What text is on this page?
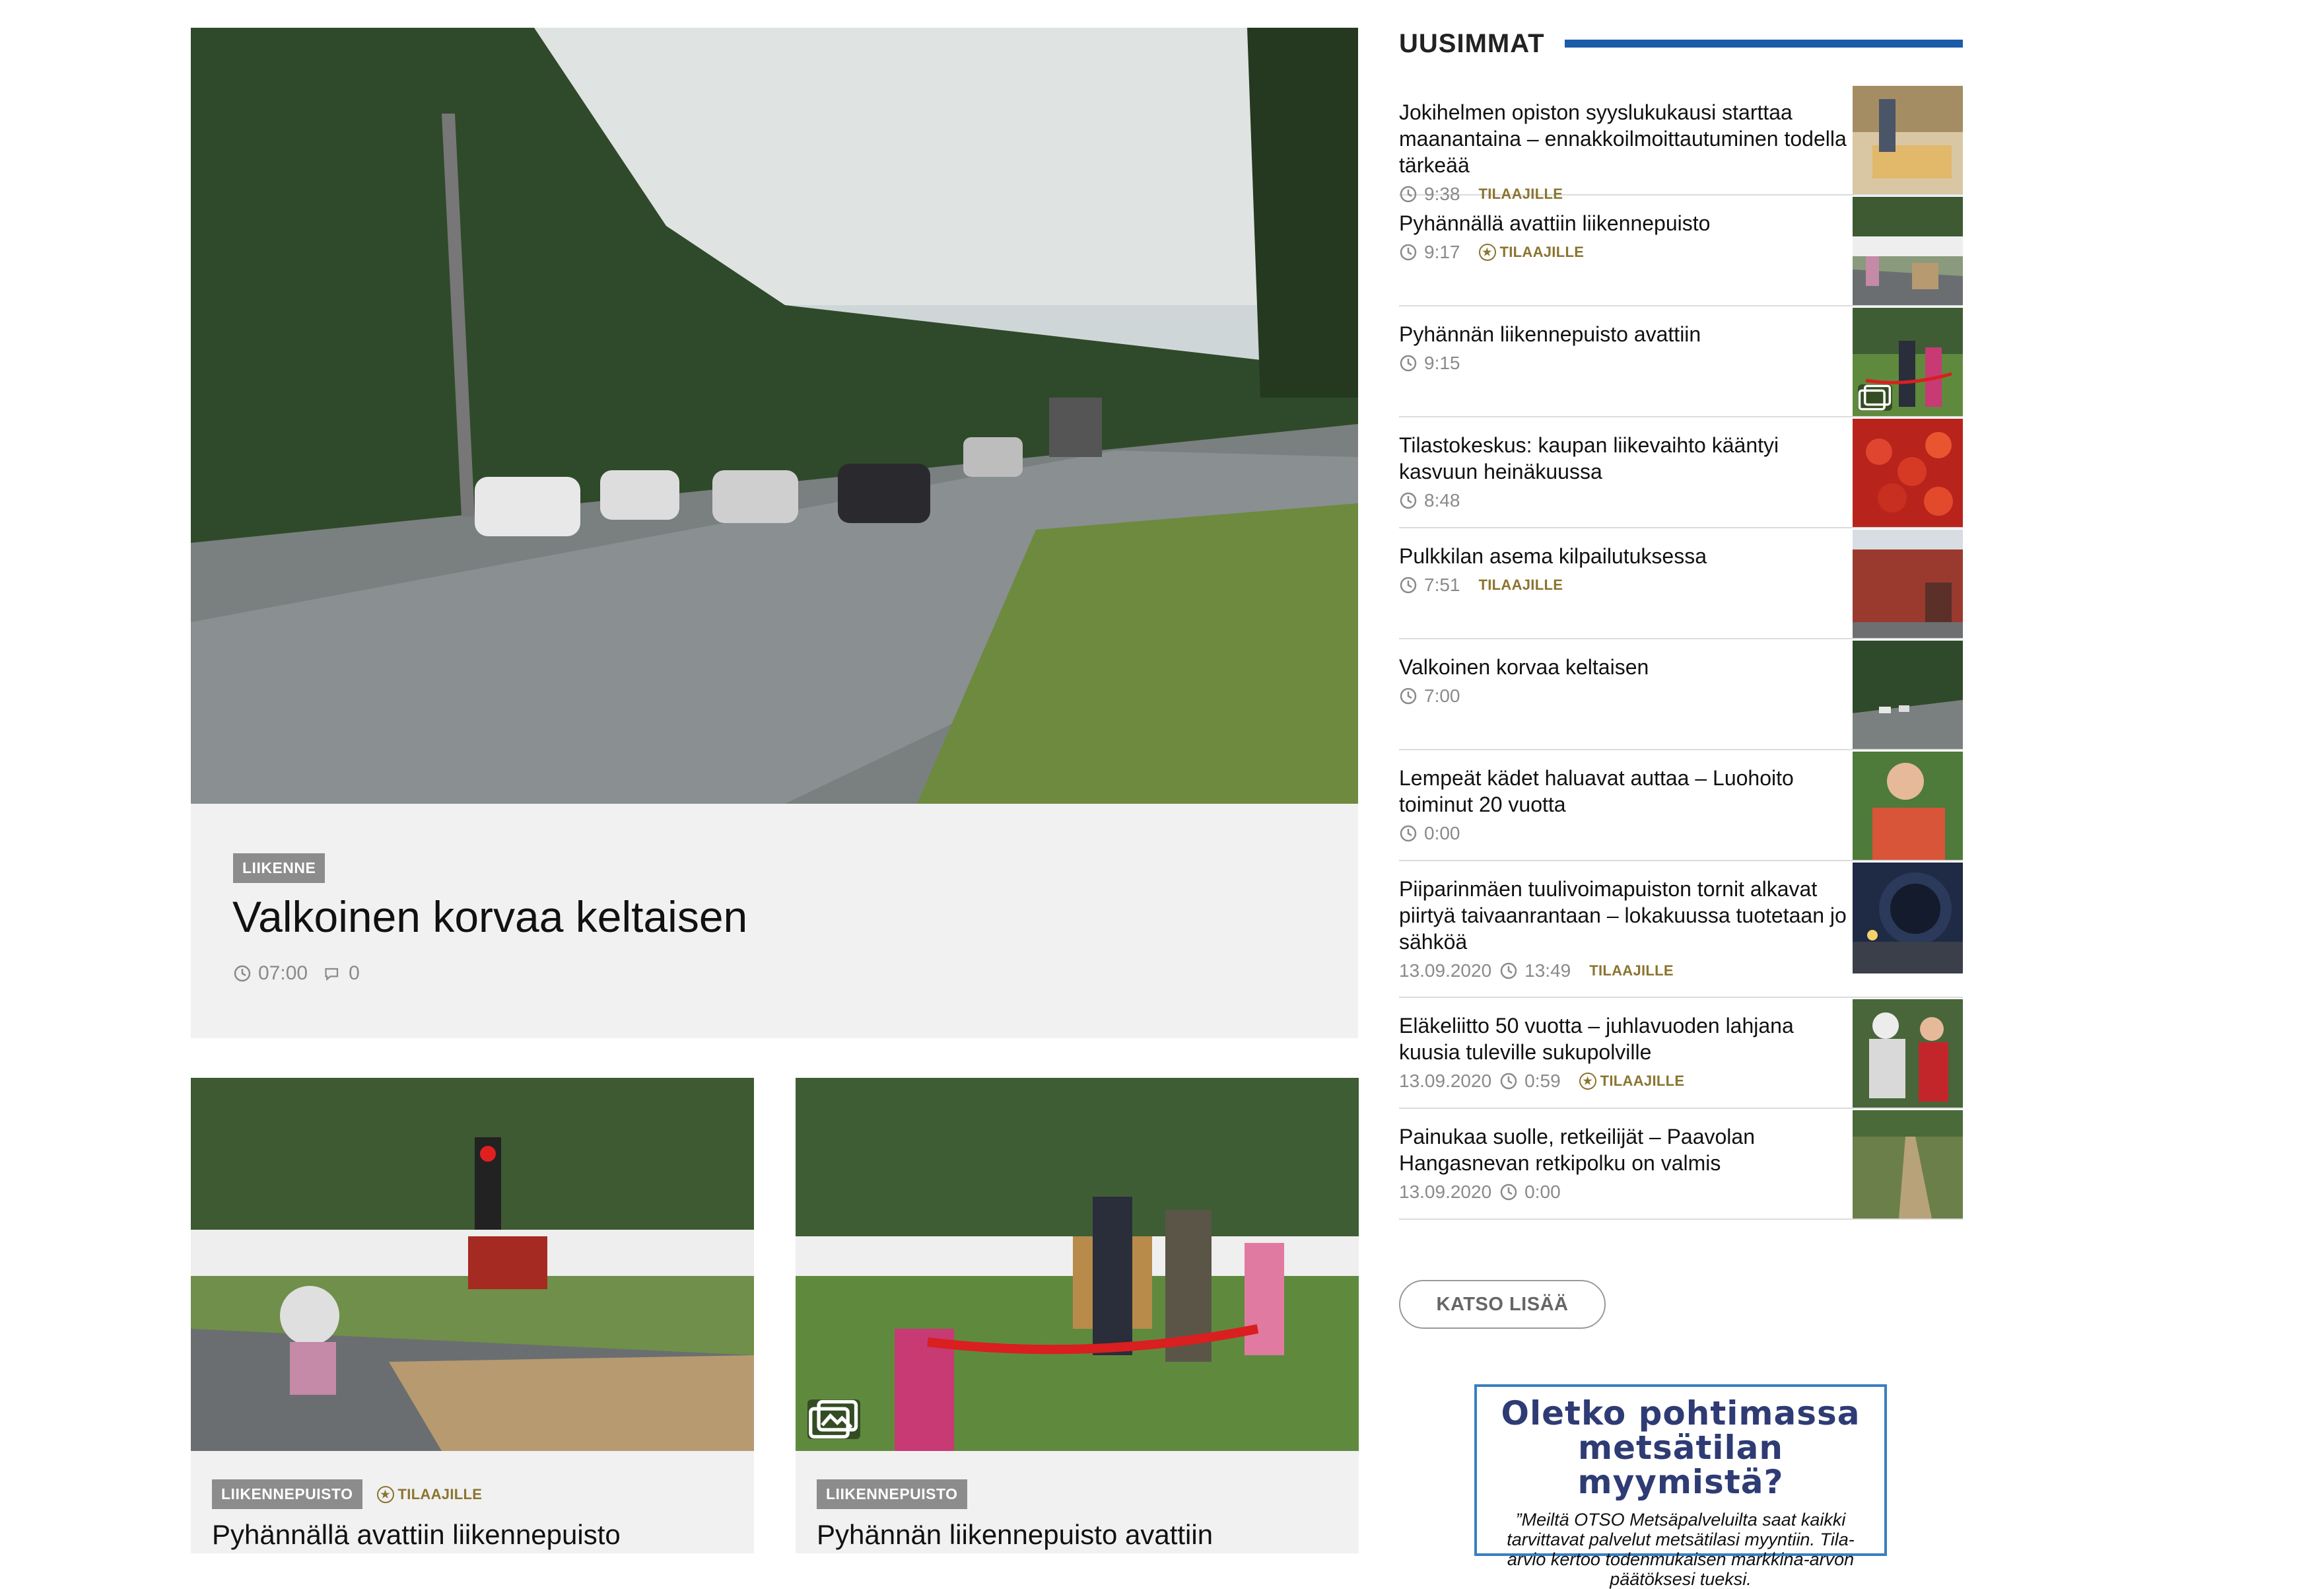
LIIKENNE
Valkoinen korvaa keltaisen
07:00 0
LIIKENNEPUISTO	★ TILAAJILLE
Pyhännällä avattiin liikennepuisto
LIIKENNEPUISTO
Pyhännän liikennepuisto avattiin
UUSIMMAT
Jokihelmen opiston syyslukukausi starttaa maanantaina – ennakkoilmoittautuminen todella tärkeää
9:38 TILAAJILLE
Pyhännällä avattiin liikennepuisto
9:17	★ TILAAJILLE
Pyhännän liikennepuisto avattiin
9:15
Tilastokeskus: kaupan liikevaihto kääntyi kasvuun heinäkuussa
8:48
Pulkkilan asema kilpailutuksessa
7:51 TILAAJILLE
Valkoinen korvaa keltaisen
7:00
Lempeät kädet haluavat auttaa – Luohoito toiminut 20 vuotta
0:00
Piiparinmäen tuulivoimapuiston tornit alkavat piirtyä taivaanrantaan – lokakuussa tuotetaan jo sähköä
13.09.2020 13:49 TILAAJILLE
Eläkeliitto 50 vuotta – juhlavuoden lahjana kuusia tuleville sukupolville
13.09.2020 0:59	★ TILAAJILLE
Painukaa suolle, retkeilijät – Paavolan Hangasnevan retkipolku on valmis
13.09.2020 0:00
KATSO LISÄÄ
Oletko pohtimassa metsätilan myymistä?
”Meiltä OTSO Metsäpalveluilta saat kaikki tarvittavat palvelut metsätilasi myyntiin. Tila-arvio kertoo todenmukaisen markkina-arvon päätöksesi tueksi.
